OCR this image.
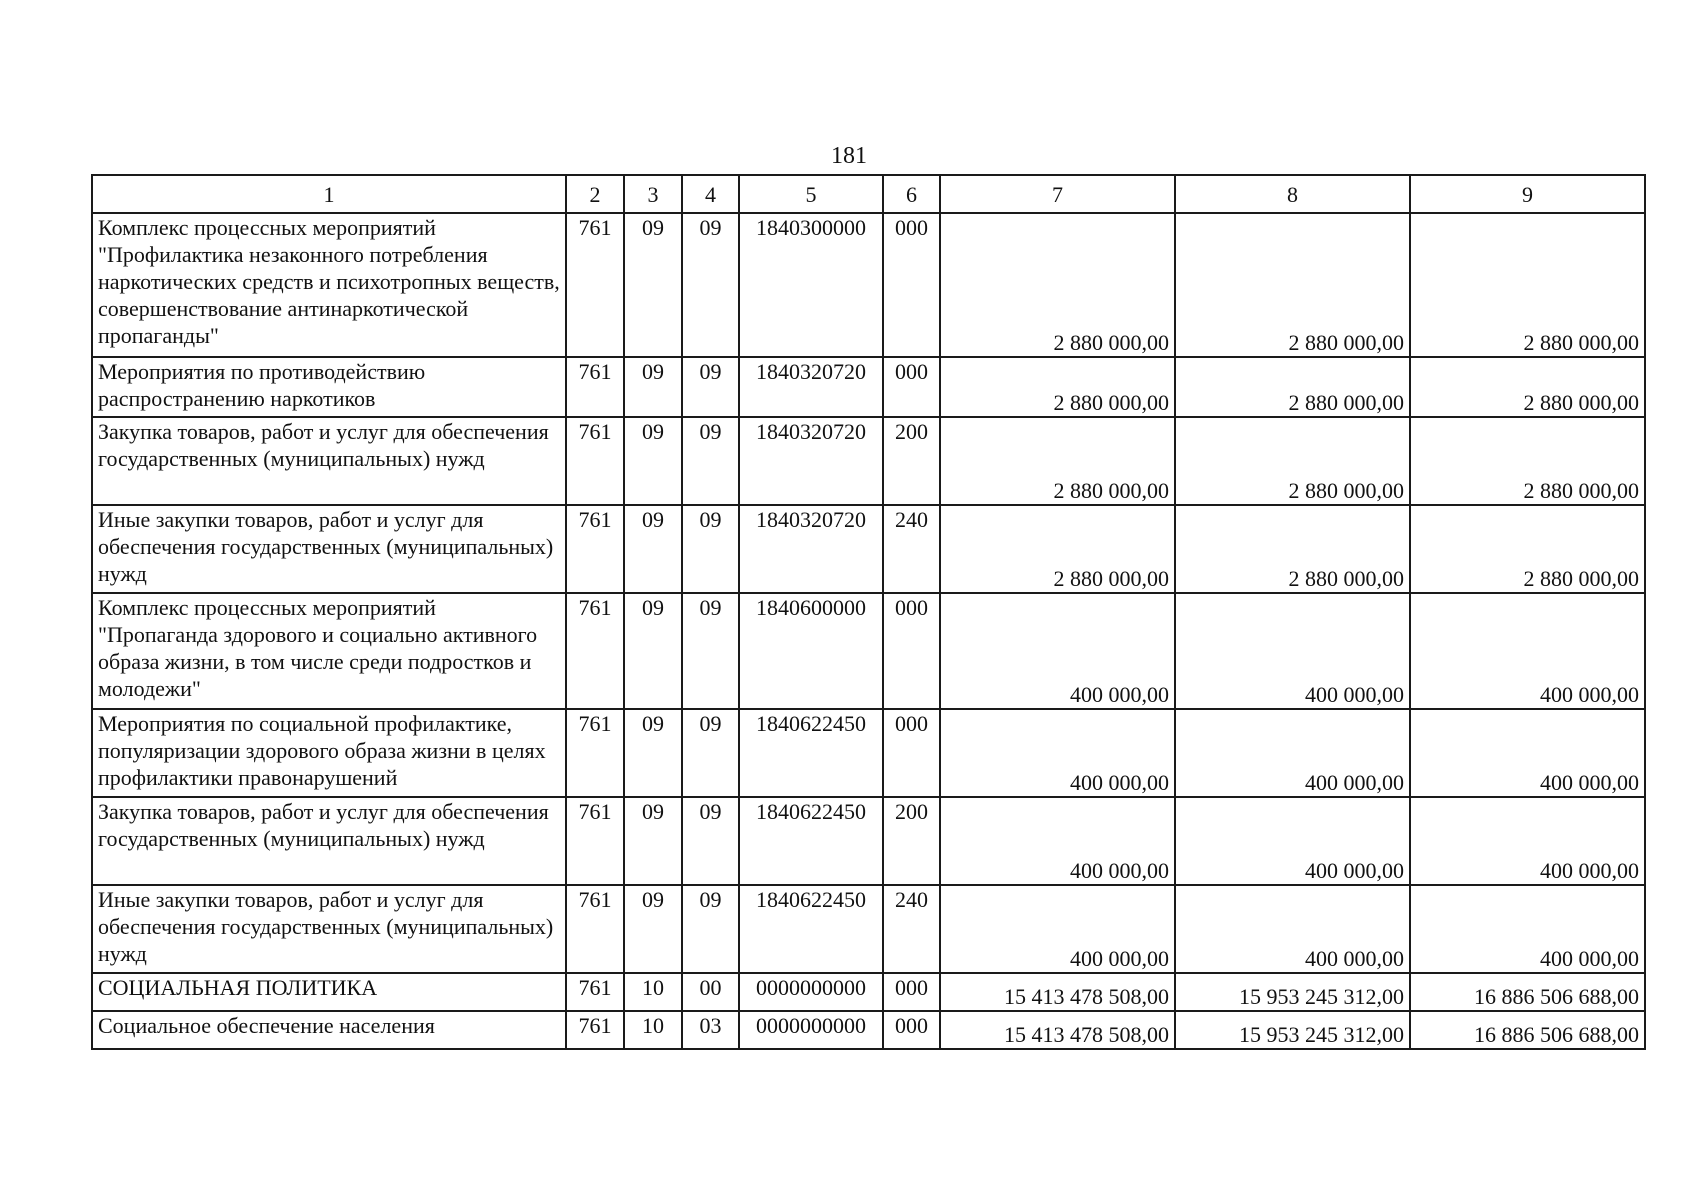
181
1	2	3	4	5	6	7	8	9
Комплекс процессных мероприятий "Профилактика незаконного потребления наркотических средств и психотропных веществ, совершенствование антинаркотической пропаганды"	761	09	09	1840300000	000	2 880 000,00	2 880 000,00	2 880 000,00
Мероприятия по противодействию распространению наркотиков	761	09	09	1840320720	000	2 880 000,00	2 880 000,00	2 880 000,00
Закупка товаров, работ и услуг для обеспечения государственных (муниципальных) нужд	761	09	09	1840320720	200	2 880 000,00	2 880 000,00	2 880 000,00
Иные закупки товаров, работ и услуг для обеспечения государственных (муниципальных) нужд	761	09	09	1840320720	240	2 880 000,00	2 880 000,00	2 880 000,00
Комплекс процессных мероприятий "Пропаганда здорового и социально активного образа жизни, в том числе среди подростков и молодежи"	761	09	09	1840600000	000	400 000,00	400 000,00	400 000,00
Мероприятия по социальной профилактике, популяризации здорового образа жизни в целях профилактики правонарушений	761	09	09	1840622450	000	400 000,00	400 000,00	400 000,00
Закупка товаров, работ и услуг для обеспечения государственных (муниципальных) нужд	761	09	09	1840622450	200	400 000,00	400 000,00	400 000,00
Иные закупки товаров, работ и услуг для обеспечения государственных (муниципальных) нужд	761	09	09	1840622450	240	400 000,00	400 000,00	400 000,00
СОЦИАЛЬНАЯ ПОЛИТИКА	761	10	00	0000000000	000	15 413 478 508,00	15 953 245 312,00	16 886 506 688,00
Социальное обеспечение населения	761	10	03	0000000000	000	15 413 478 508,00	15 953 245 312,00	16 886 506 688,00
